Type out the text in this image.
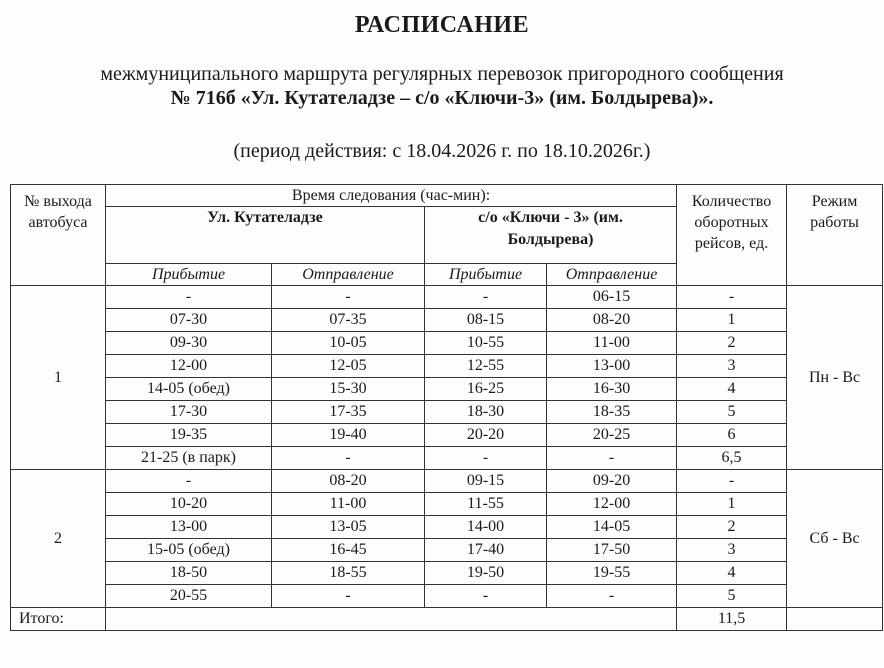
РАСПИСАНИЕ
межмуниципального маршрута регулярных перевозок пригородного сообщения
№ 716б «Ул. Кутателадзе – с/о «Ключи-3» (им. Болдырева)».
(период действия: с 18.04.2026 г. по 18.10.2026г.)
№ выхода автобуса	Время следования (час-мин):				Количество оборотных рейсов, ед.	Режим работы
	Ул. Кутателадзе		с/о «Ключи - 3» (им. Болдырева)			
	Прибытие	Отправление	Прибытие	Отправление		
1	-	-	-	06-15	-	Пн - Вс
	07-30	07-35	08-15	08-20	1	
	09-30	10-05	10-55	11-00	2	
	12-00	12-05	12-55	13-00	3	
	14-05 (обед)	15-30	16-25	16-30	4	
	17-30	17-35	18-30	18-35	5	
	19-35	19-40	20-20	20-25	6	
	21-25 (в парк)	-	-	-	6,5	
2	-	08-20	09-15	09-20	-	Сб - Вс
	10-20	11-00	11-55	12-00	1	
	13-00	13-05	14-00	14-05	2	
	15-05 (обед)	16-45	17-40	17-50	3	
	18-50	18-55	19-50	19-55	4	
	20-55	-	-	-	5	
Итого:					11,5	
